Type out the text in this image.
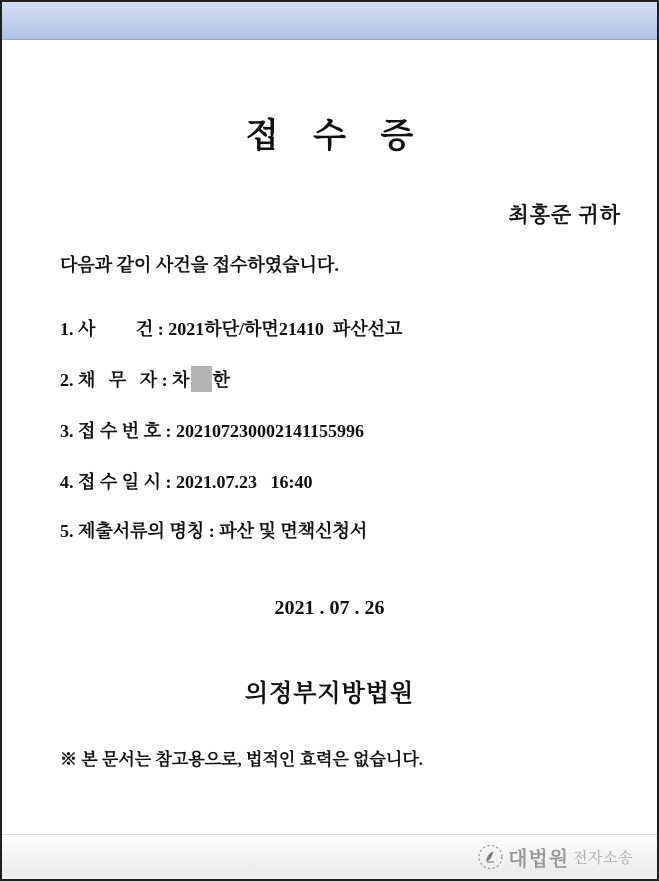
접 수 증
최홍준 귀하
다음과 같이 사건을 접수하였습니다.
1. 사         건 : 2021하단/하면21410  파산선고
2. 채   무   자 : 차 한
3. 접 수 번 호 : 202107230002141155996
4. 접 수 일 시 : 2021.07.23   16:40
5. 제출서류의 명칭 : 파산 및 면책신청서
2021 . 07 . 26
의정부지방법원
※ 본 문서는 참고용으로, 법적인 효력은 없습니다.
대법원 전자소송
